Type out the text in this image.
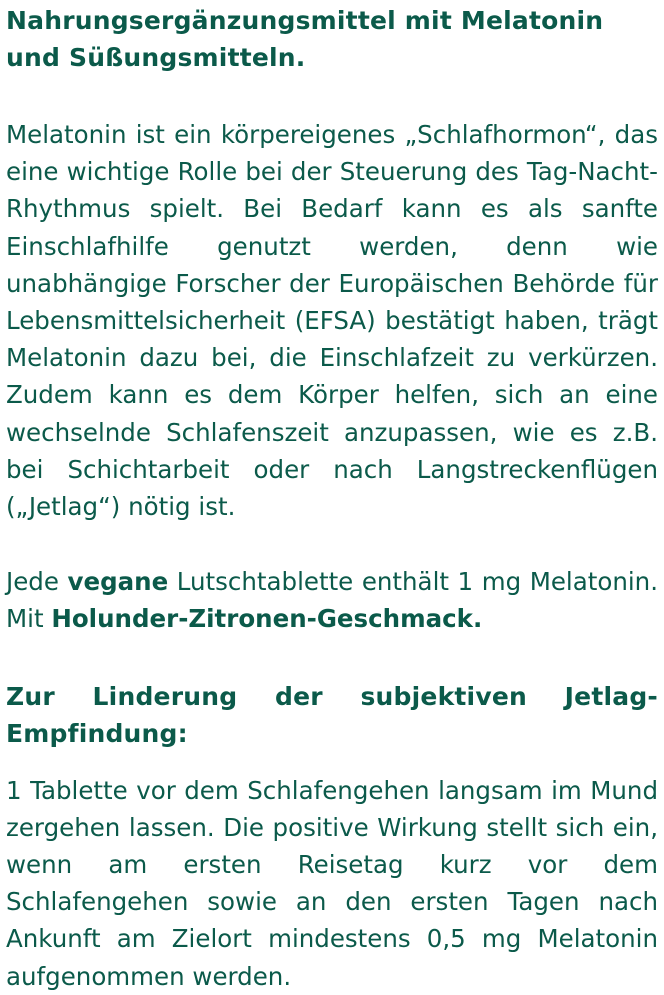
Nahrungsergänzungsmittel mit Melatonin und Süßungsmitteln.

Melatonin ist ein körpereigenes „Schlafhormon“, das eine wichtige Rolle bei der Steuerung des Tag-Nacht-Rhythmus spielt. Bei Bedarf kann es als sanfte Einschlafhilfe genutzt werden, denn wie unabhängige Forscher der Europäischen Behörde für Lebensmittelsicherheit (EFSA) bestätigt haben, trägt Melatonin dazu bei, die Einschlafzeit zu verkürzen. Zudem kann es dem Körper helfen, sich an eine wechselnde Schlafenszeit anzupassen, wie es z.B. bei Schichtarbeit oder nach Langstreckenflügen („Jetlag“) nötig ist.

Jede vegane Lutschtablette enthält 1 mg Melatonin. Mit Holunder-Zitronen-Geschmack.

Zur Linderung der subjektiven Jetlag-Empfindung:

1 Tablette vor dem Schlafengehen langsam im Mund zergehen lassen. Die positive Wirkung stellt sich ein, wenn am ersten Reisetag kurz vor dem Schlafengehen sowie an den ersten Tagen nach Ankunft am Zielort mindestens 0,5 mg Melatonin aufgenommen werden.
